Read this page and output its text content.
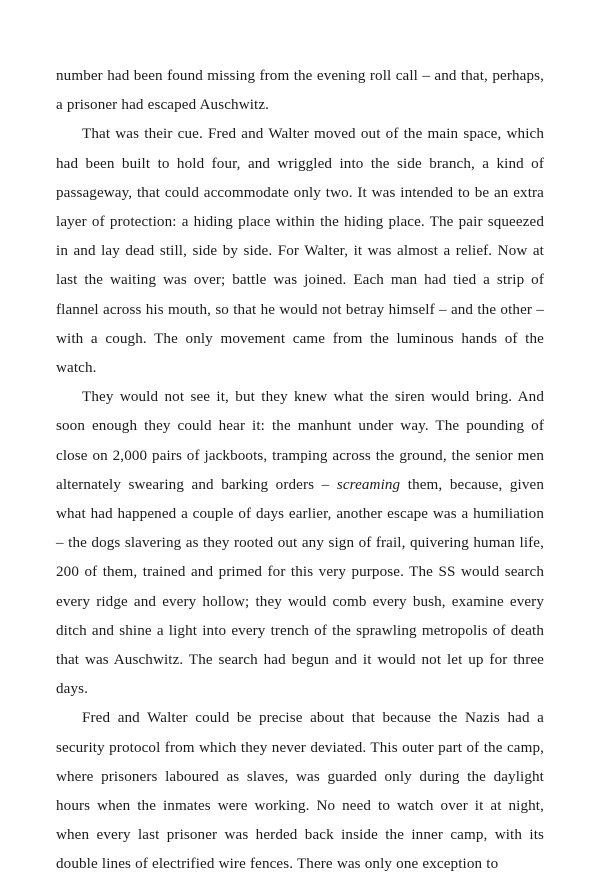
number had been found missing from the evening roll call – and that, perhaps, a prisoner had escaped Auschwitz.

That was their cue. Fred and Walter moved out of the main space, which had been built to hold four, and wriggled into the side branch, a kind of passageway, that could accommodate only two. It was intended to be an extra layer of protection: a hiding place within the hiding place. The pair squeezed in and lay dead still, side by side. For Walter, it was almost a relief. Now at last the waiting was over; battle was joined. Each man had tied a strip of flannel across his mouth, so that he would not betray himself – and the other – with a cough. The only movement came from the luminous hands of the watch.

They would not see it, but they knew what the siren would bring. And soon enough they could hear it: the manhunt under way. The pounding of close on 2,000 pairs of jackboots, tramping across the ground, the senior men alternately swearing and barking orders – screaming them, because, given what had happened a couple of days earlier, another escape was a humiliation – the dogs slavering as they rooted out any sign of frail, quivering human life, 200 of them, trained and primed for this very purpose. The SS would search every ridge and every hollow; they would comb every bush, examine every ditch and shine a light into every trench of the sprawling metropolis of death that was Auschwitz. The search had begun and it would not let up for three days.

Fred and Walter could be precise about that because the Nazis had a security protocol from which they never deviated. This outer part of the camp, where prisoners laboured as slaves, was guarded only during the daylight hours when the inmates were working. No need to watch over it at night, when every last prisoner was herded back inside the inner camp, with its double lines of electrified wire fences. There was only one exception to
